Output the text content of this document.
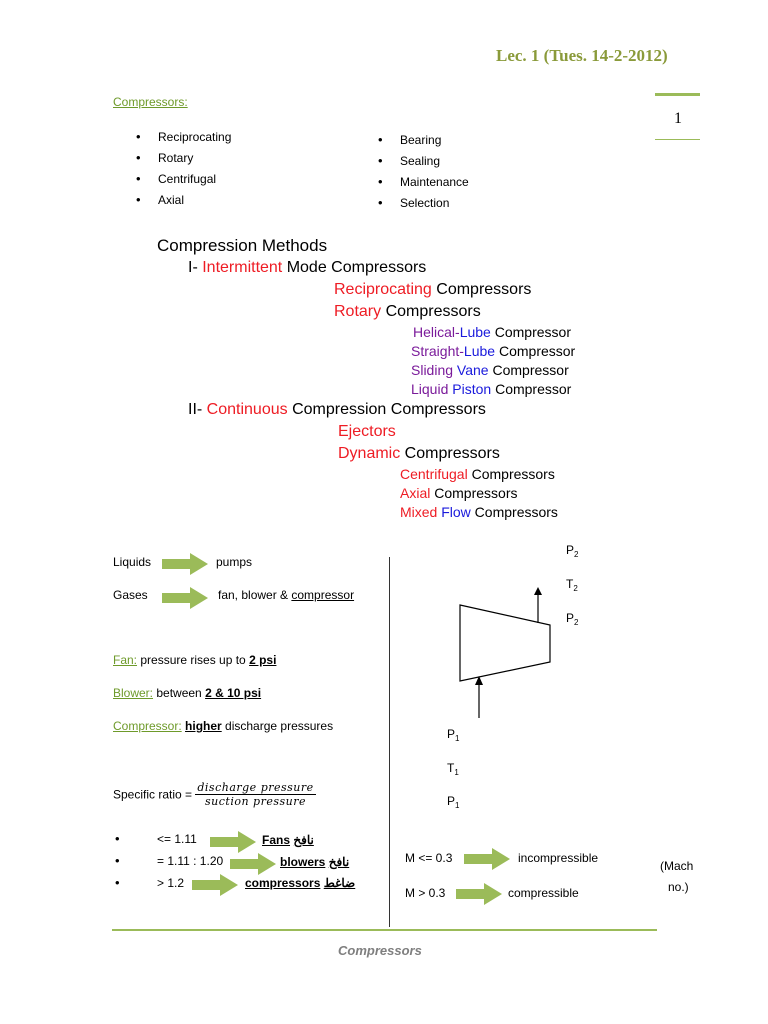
Lec. 1 (Tues. 14-2-2012)
1
Compressors:
• Reciprocating
• Rotary
• Centrifugal
• Axial
• Bearing
• Sealing
• Maintenance
• Selection
Compression Methods
I- Intermittent Mode Compressors
Reciprocating Compressors
Rotary Compressors
Helical-Lube Compressor
Straight-Lube Compressor
Sliding Vane Compressor
Liquid Piston Compressor
II- Continuous Compression Compressors
Ejectors
Dynamic Compressors
Centrifugal Compressors
Axial Compressors
Mixed Flow Compressors
Liquids	pumps
Gases	fan, blower & compressor
Fan: pressure rises up to 2 psi
Blower: between 2 & 10 psi
Compressor: higher discharge pressures
Specific ratio = $\frac{\text{discharge pressure}}{\text{suction pressure}}$
•	<= 1.11	Fans نافخ
•	= 1.11 : 1.20	blowers نافخ
•	> 1.2	compressors ضاغط
$P_2$
$T_2$
$P_2$
$P_1$
$T_1$
$P_1$
M <= 0.3	incompressible
M > 0.3	compressible
(Mach
no.)
Compressors
